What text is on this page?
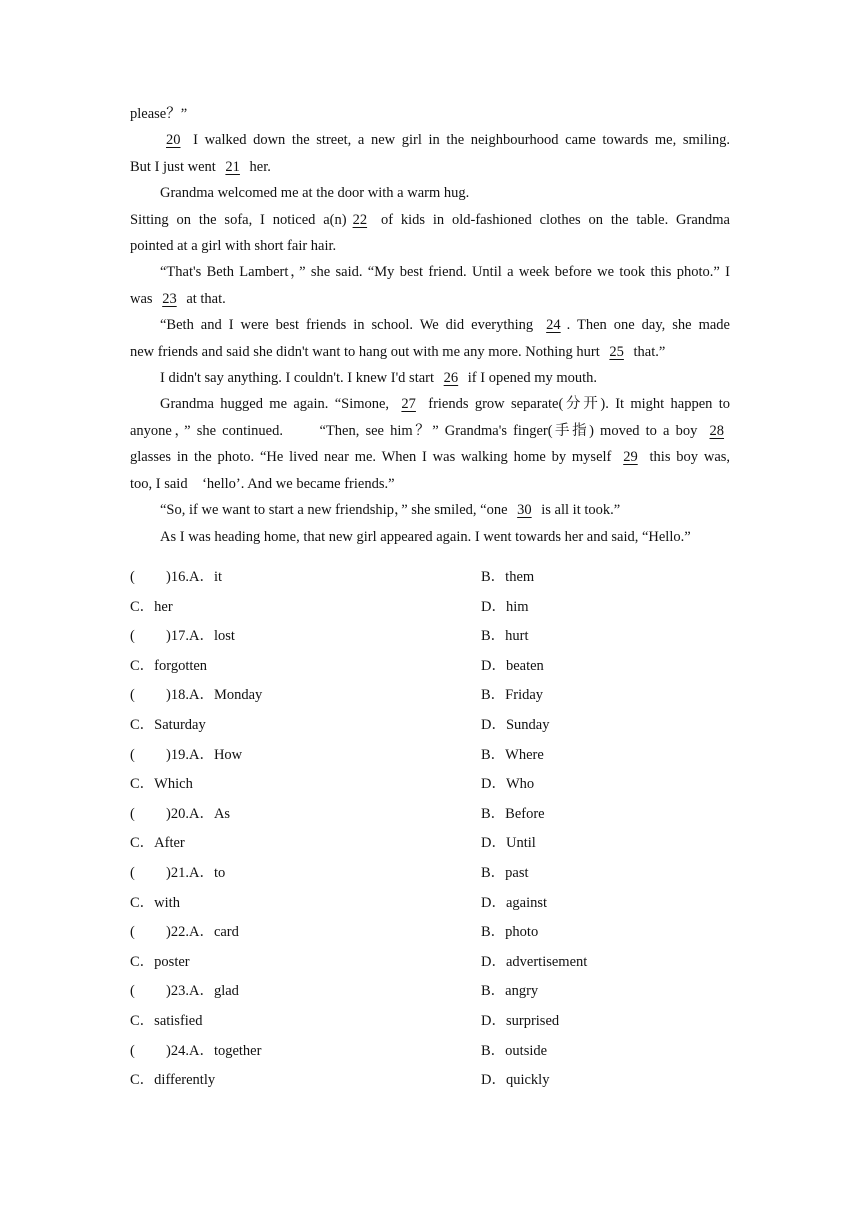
please？”
20 I walked down the street, a new girl in the neighbourhood came towards me, smiling.
But I just went 21 her.
Grandma welcomed me at the door with a warm hug.
Sitting on the sofa, I noticed a(n) 22 of kids in old-fashioned clothes on the table. Grandma
pointed at a girl with short fair hair.
“That's Beth Lambert，” she said. “My best friend. Until a week before we took this photo.” I
was 23 at that.
“Beth and I were best friends in school. We did everything 24 . Then one day, she made
new friends and said she didn't want to hang out with me any more. Nothing hurt 25 that.”
I didn't say anything. I couldn't. I knew I'd start 26 if I opened my mouth.
Grandma hugged me again. “Simone, 27 friends grow separate(分开). It might happen to
anyone，” she continued.　　“Then, see him？” Grandma's finger(手指) moved to a boy 28
glasses in the photo. “He lived near me. When I was walking home by myself 29 this boy was,
too, I said　‘hello’. And we became friends.”
“So, if we want to start a new friendship，” she smiled, “one 30 is all it took.”
As I was heading home, that new girl appeared again. I went towards her and said, “Hello.”
( )16.A．it	B．them
C．her	D．him
( )17.A．lost	B．hurt
C．forgotten	D．beaten
( )18.A．Monday	B．Friday
C．Saturday	D．Sunday
( )19.A．How	B．Where
C．Which	D．Who
( )20.A．As	B．Before
C．After	D．Until
( )21.A．to	B．past
C．with	D．against
( )22.A．card	B．photo
C．poster	D．advertisement
( )23.A．glad	B．angry
C．satisfied	D．surprised
( )24.A．together	B．outside
C．differently	D．quickly
